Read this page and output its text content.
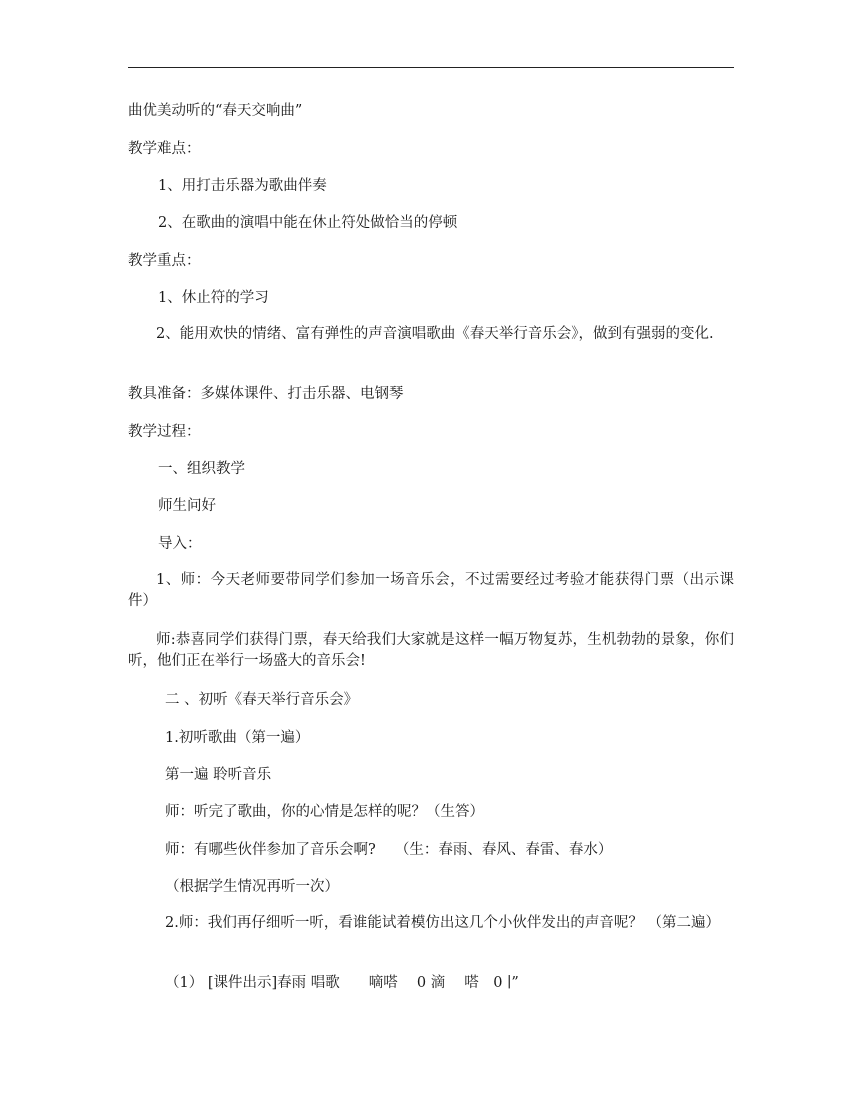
曲优美动听的“春天交响曲”
教学难点：
1、用打击乐器为歌曲伴奏
2、在歌曲的演唱中能在休止符处做恰当的停顿
教学重点：
1、休止符的学习
2、能用欢快的情绪、富有弹性的声音演唱歌曲《春天举行音乐会》，做到有强弱的变化.
教具准备：多媒体课件、打击乐器、电钢琴
教学过程：
一、组织教学
师生问好
导入：
1、师：今天老师要带同学们参加一场音乐会，不过需要经过考验才能获得门票（出示课件）
师:恭喜同学们获得门票，春天给我们大家就是这样一幅万物复苏，生机勃勃的景象，你们听，他们正在举行一场盛大的音乐会!
二 、初听《春天举行音乐会》
1.初听歌曲（第一遍）
第一遍 聆听音乐
师：听完了歌曲，你的心情是怎样的呢？（生答）
师：有哪些伙伴参加了音乐会啊?　 （生：春雨、春风、春雷、春水）
（根据学生情况再听一次）
2.师：我们再仔细听一听，看谁能试着模仿出这几个小伙伴发出的声音呢？ （第二遍）
（1） [课件出示]春雨 唱歌　　嘀嗒　 0 滴　 嗒　0 ∣”
